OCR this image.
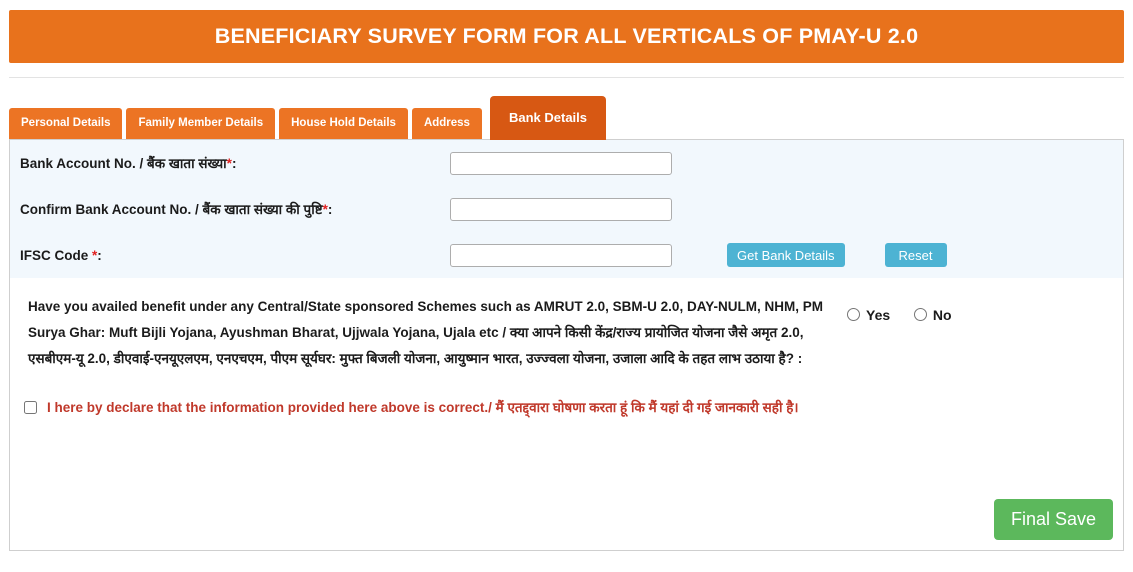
BENEFICIARY SURVEY FORM FOR ALL VERTICALS OF PMAY-U 2.0
Personal Details	Family Member Details	House Hold Details	Address	Bank Details
Bank Account No. / बैंक खाता संख्या*:
Confirm Bank Account No. / बैंक खाता संख्या की पुष्टि*:
IFSC Code *:	Get Bank Details	Reset
Have you availed benefit under any Central/State sponsored Schemes such as AMRUT 2.0, SBM-U 2.0, DAY-NULM, NHM, PM Surya Ghar: Muft Bijli Yojana, Ayushman Bharat, Ujjwala Yojana, Ujala etc / क्या आपने किसी केंद्र/राज्य प्रायोजित योजना जैसे अमृत 2.0, एसबीएम-यू 2.0, डीएवाई-एनयूएलएम, एनएचएम, पीएम सूर्यघर: मुफ्त बिजली योजना, आयुष्मान भारत, उज्ज्वला योजना, उजाला आदि के तहत लाभ उठाया है? :
Yes	No
I here by declare that the information provided here above is correct./ मैं एतद्द्वारा घोषणा करता हूं कि मैं यहां दी गई जानकारी सही है।
Final Save
